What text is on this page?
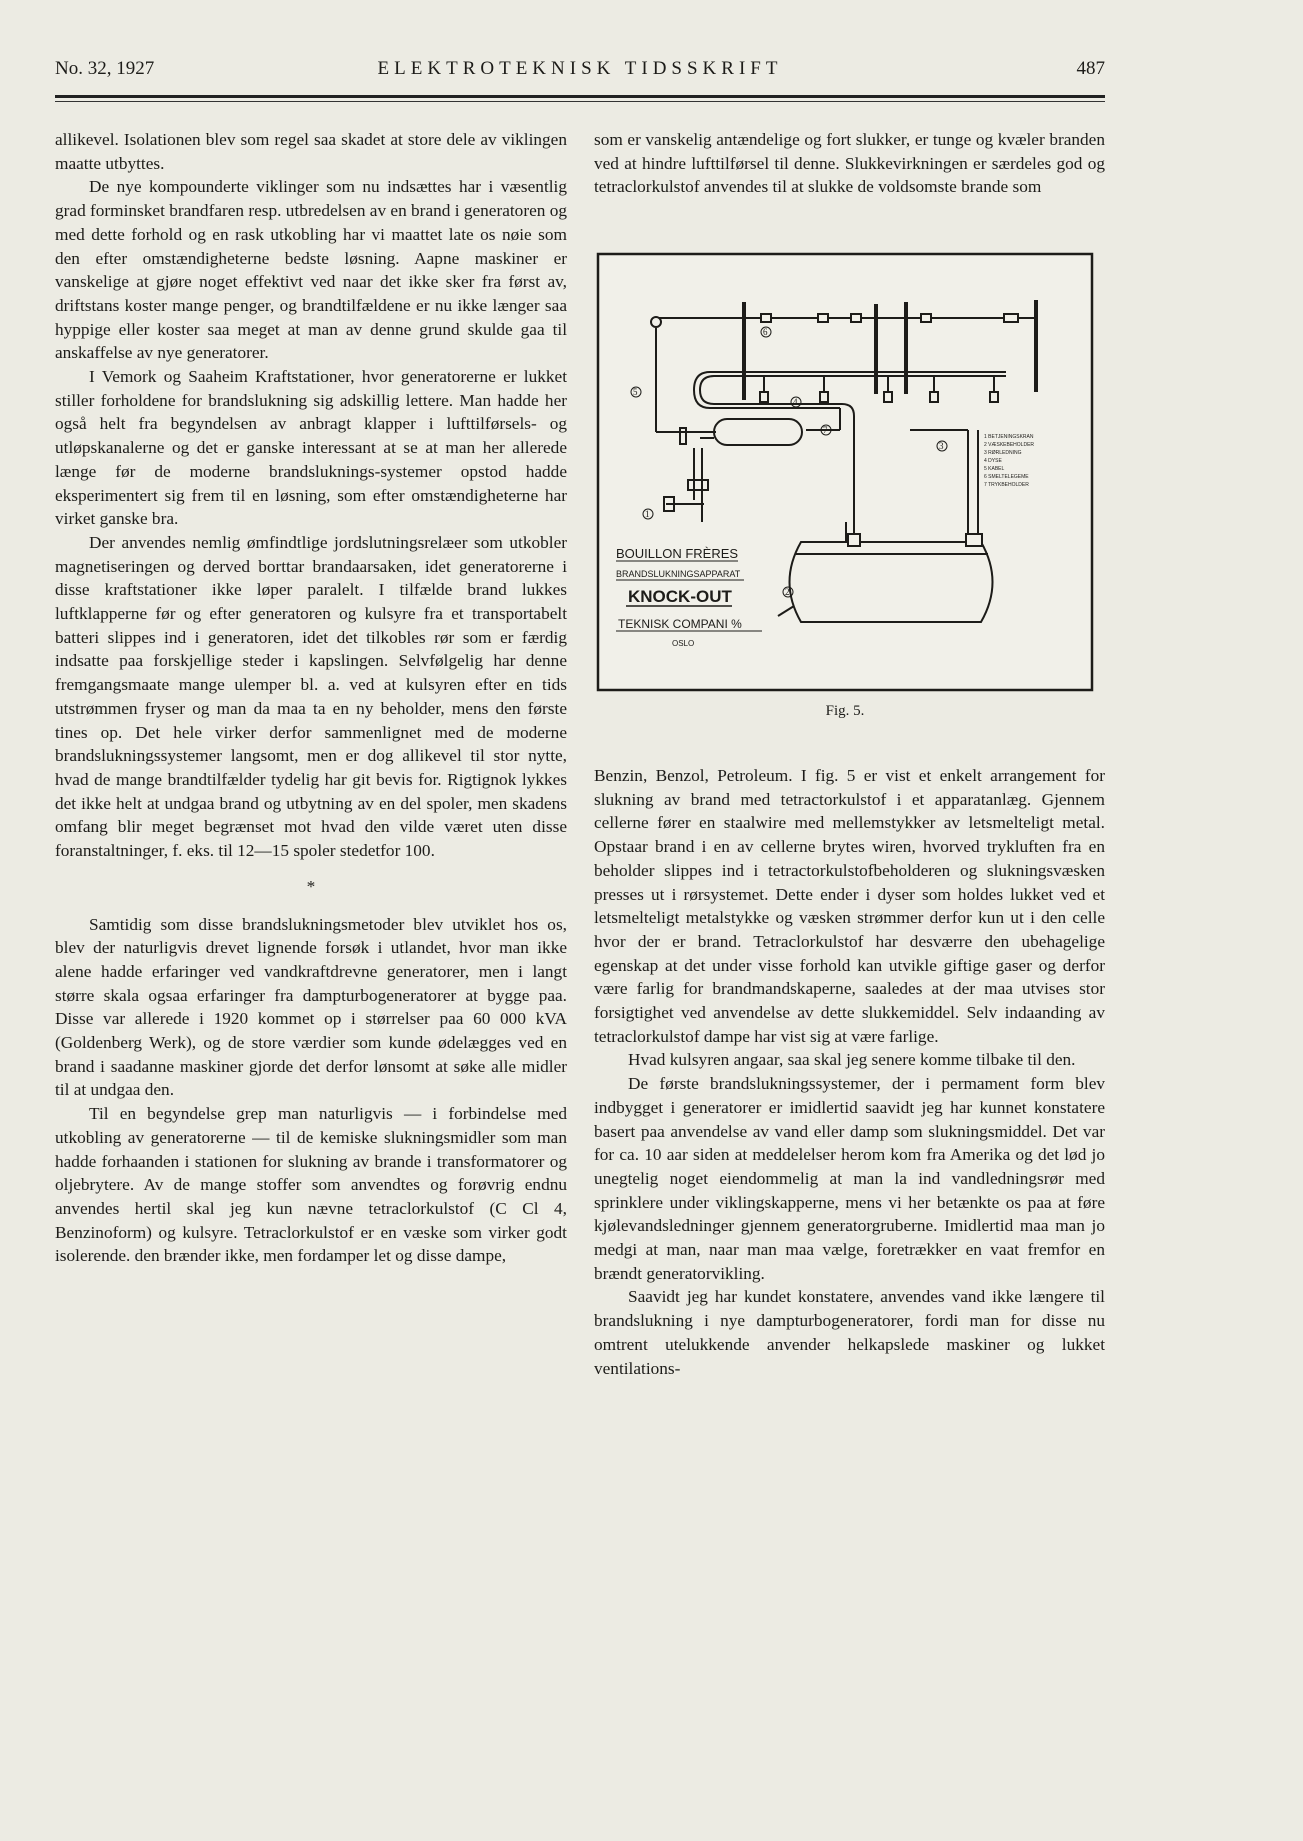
No. 32, 1927	ELEKTROTEKNISK TIDSSKRIFT	487

allikevel. Isolationen blev som regel saa skadet at store dele av viklingen maatte utbyttes.

De nye kompounderte viklinger som nu indsættes har i væsentlig grad forminsket brandfaren resp. utbredelsen av en brand i generatoren og med dette forhold og en rask utkobling har vi maattet late os nøie som den efter omstændigheterne bedste løsning. Aapne maskiner er vanskelige at gjøre noget effektivt ved naar det ikke sker fra først av, driftstans koster mange penger, og brandtilfældene er nu ikke længer saa hyppige eller koster saa meget at man av denne grund skulde gaa til anskaffelse av nye generatorer.

I Vemork og Saaheim Kraftstationer, hvor generatorerne er lukket stiller forholdene for brandslukning sig adskillig lettere. Man hadde her også helt fra begyndelsen av anbragt klapper i lufttilførsels- og utløpskanalerne og det er ganske interessant at se at man her allerede længe før de moderne brandsluknings-systemer opstod hadde eksperimentert sig frem til en løsning, som efter omstændigheterne har virket ganske bra.

Der anvendes nemlig ømfindtlige jordslutningsrelæer som utkobler magnetiseringen og derved borttar brandaarsaken, idet generatorerne i disse kraftstationer ikke løper paralelt. I tilfælde brand lukkes luftklapperne før og efter generatoren og kulsyre fra et transportabelt batteri slippes ind i generatoren, idet det tilkobles rør som er færdig indsatte paa forskjellige steder i kapslingen. Selvfølgelig har denne fremgangsmaate mange ulemper bl. a. ved at kulsyren efter en tids utstrømmen fryser og man da maa ta en ny beholder, mens den første tines op. Det hele virker derfor sammenlignet med de moderne brandslukningssystemer langsomt, men er dog allikevel til stor nytte, hvad de mange brandtilfælder tydelig har git bevis for. Rigtignok lykkes det ikke helt at undgaa brand og utbytning av en del spoler, men skadens omfang blir meget begrænset mot hvad den vilde været uten disse foranstaltninger, f. eks. til 12—15 spoler stedetfor 100.

*

Samtidig som disse brandslukningsmetoder blev utviklet hos os, blev der naturligvis drevet lignende forsøk i utlandet, hvor man ikke alene hadde erfaringer ved vandkraftdrevne generatorer, men i langt større skala ogsaa erfaringer fra dampturbogeneratorer at bygge paa. Disse var allerede i 1920 kommet op i størrelser paa 60 000 kVA (Goldenberg Werk), og de store værdier som kunde ødelægges ved en brand i saadanne maskiner gjorde det derfor lønsomt at søke alle midler til at undgaa den.

Til en begyndelse grep man naturligvis — i forbindelse med utkobling av generatorerne — til de kemiske slukningsmidler som man hadde forhaanden i stationen for slukning av brande i transformatorer og oljebrytere. Av de mange stoffer som anvendtes og forøvrig endnu anvendes hertil skal jeg kun nævne tetraclorkulstof (C Cl 4, Benzinoform) og kulsyre. Tetraclorkulstof er en væske som virker godt isolerende. den brænder ikke, men fordamper let og disse dampe,

som er vanskelig antændelige og fort slukker, er tunge og kvæler branden ved at hindre lufttilførsel til denne. Slukkevirkningen er særdeles god og tetraclorkulstof anvendes til at slukke de voldsomste brande som

6
4
5
7
3
1
2
1 BETJENINGSKRAN
2 VÆSKEBEHOLDER
3 RØRLEDNING
4 DYSE
5 KABEL
6 SMELTELEGEME
7 TRYKBEHOLDER
BOUILLON FRÈRES
BRANDSLUKNINGSAPPARAT
KNOCK-OUT
TEKNISK COMPANI %
OSLO
Fig. 5.

Benzin, Benzol, Petroleum. I fig. 5 er vist et enkelt arrangement for slukning av brand med tetractorkulstof i et apparatanlæg. Gjennem cellerne fører en staalwire med mellemstykker av letsmelteligt metal. Opstaar brand i en av cellerne brytes wiren, hvorved trykluften fra en beholder slippes ind i tetractorkulstofbeholderen og slukningsvæsken presses ut i rørsystemet. Dette ender i dyser som holdes lukket ved et letsmelteligt metalstykke og væsken strømmer derfor kun ut i den celle hvor der er brand. Tetraclorkulstof har desværre den ubehagelige egenskap at det under visse forhold kan utvikle giftige gaser og derfor være farlig for brandmandskaperne, saaledes at der maa utvises stor forsigtighet ved anvendelse av dette slukkemiddel. Selv indaanding av tetraclorkulstof dampe har vist sig at være farlige.

Hvad kulsyren angaar, saa skal jeg senere komme tilbake til den.

De første brandslukningssystemer, der i permament form blev indbygget i generatorer er imidlertid saavidt jeg har kunnet konstatere basert paa anvendelse av vand eller damp som slukningsmiddel. Det var for ca. 10 aar siden at meddelelser herom kom fra Amerika og det lød jo unegtelig noget eiendommelig at man la ind vandledningsrør med sprinklere under viklingskapperne, mens vi her betænkte os paa at føre kjølevandsledninger gjennem generatorgruberne. Imidlertid maa man jo medgi at man, naar man maa vælge, foretrækker en vaat fremfor en brændt generatorvikling.

Saavidt jeg har kundet konstatere, anvendes vand ikke længere til brandslukning i nye dampturbogeneratorer, fordi man for disse nu omtrent utelukkende anvender helkapslede maskiner og lukket ventilations-
